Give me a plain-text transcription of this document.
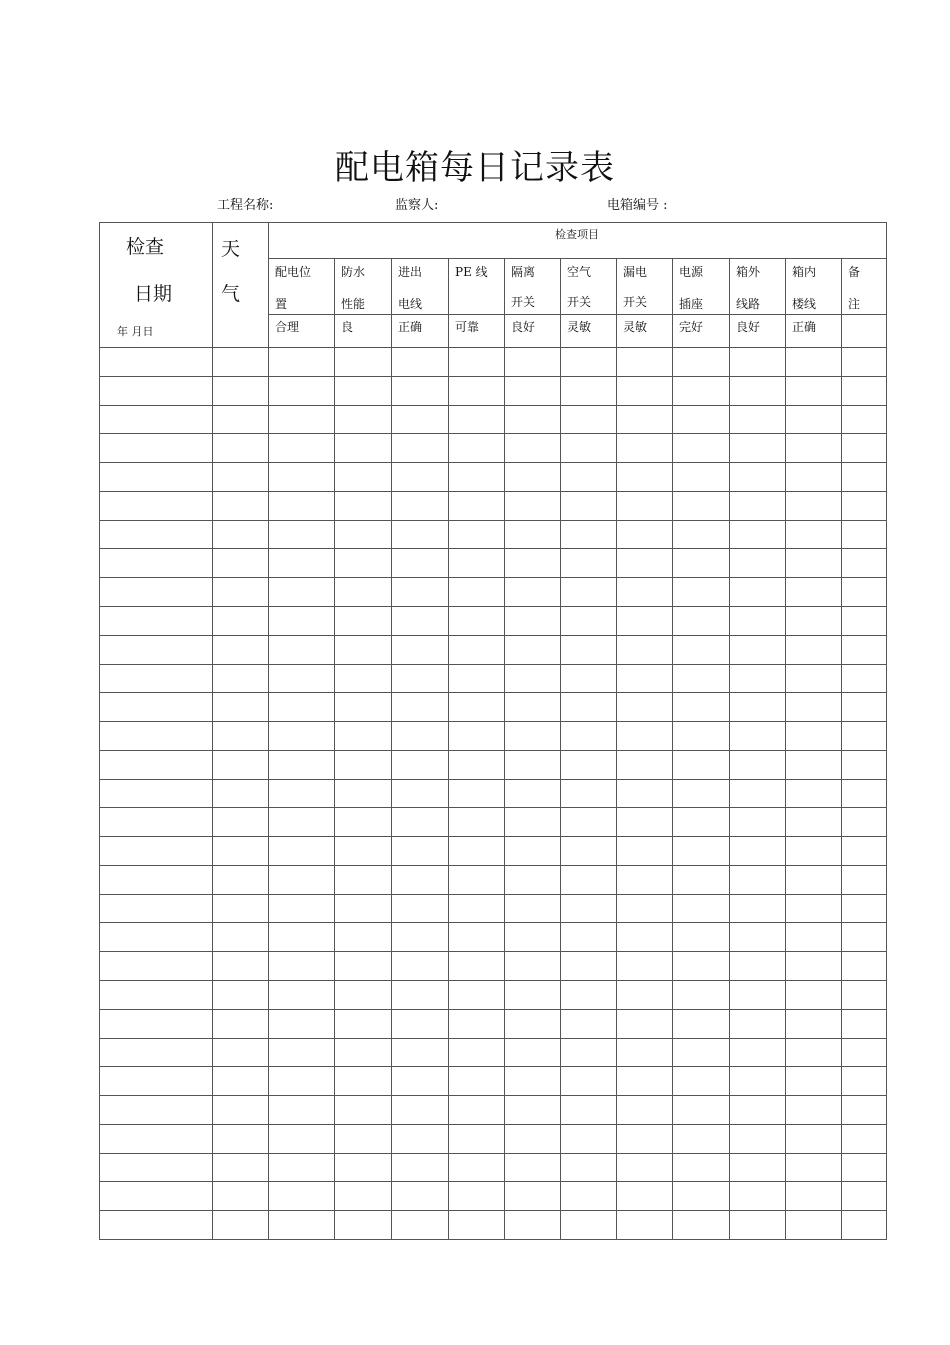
配电箱每日记录表
工程名称:	监察人:	电箱编号 :
检查
日期
年 月日
天
气
检查项目
配电位
置
合理
防水
性能
良
进出
电线
正确
PE 线
可靠
隔离
开关
良好
空气
开关
灵敏
漏电
开关
灵敏
电源
插座
完好
箱外
线路
良好
箱内
楼线
正确
备
注
